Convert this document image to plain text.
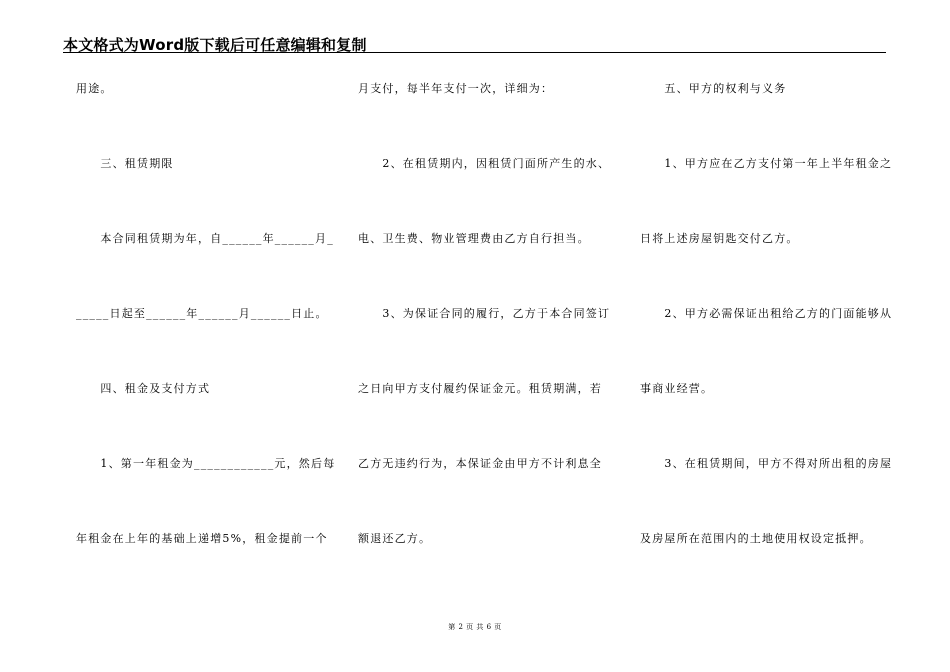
本文格式为Word版下载后可任意编辑和复制
用途。
　　三、租赁期限
　　本合同租赁期为年，自______年______月_
_____日起至______年______月______日止。
　　四、租金及支付方式
　　1、第一年租金为____________元，然后每
年租金在上年的基础上递增5%，租金提前一个
月支付，每半年支付一次，详细为：
　　2、在租赁期内，因租赁门面所产生的水、
电、卫生费、物业管理费由乙方自行担当。
　　3、为保证合同的履行，乙方于本合同签订
之日向甲方支付履约保证金元。租赁期满，若
乙方无违约行为，本保证金由甲方不计利息全
额退还乙方。
　　五、甲方的权利与义务
　　1、甲方应在乙方支付第一年上半年租金之
日将上述房屋钥匙交付乙方。
　　2、甲方必需保证出租给乙方的门面能够从
事商业经营。
　　3、在租赁期间，甲方不得对所出租的房屋
及房屋所在范围内的土地使用权设定抵押。
第 2 页 共 6 页
